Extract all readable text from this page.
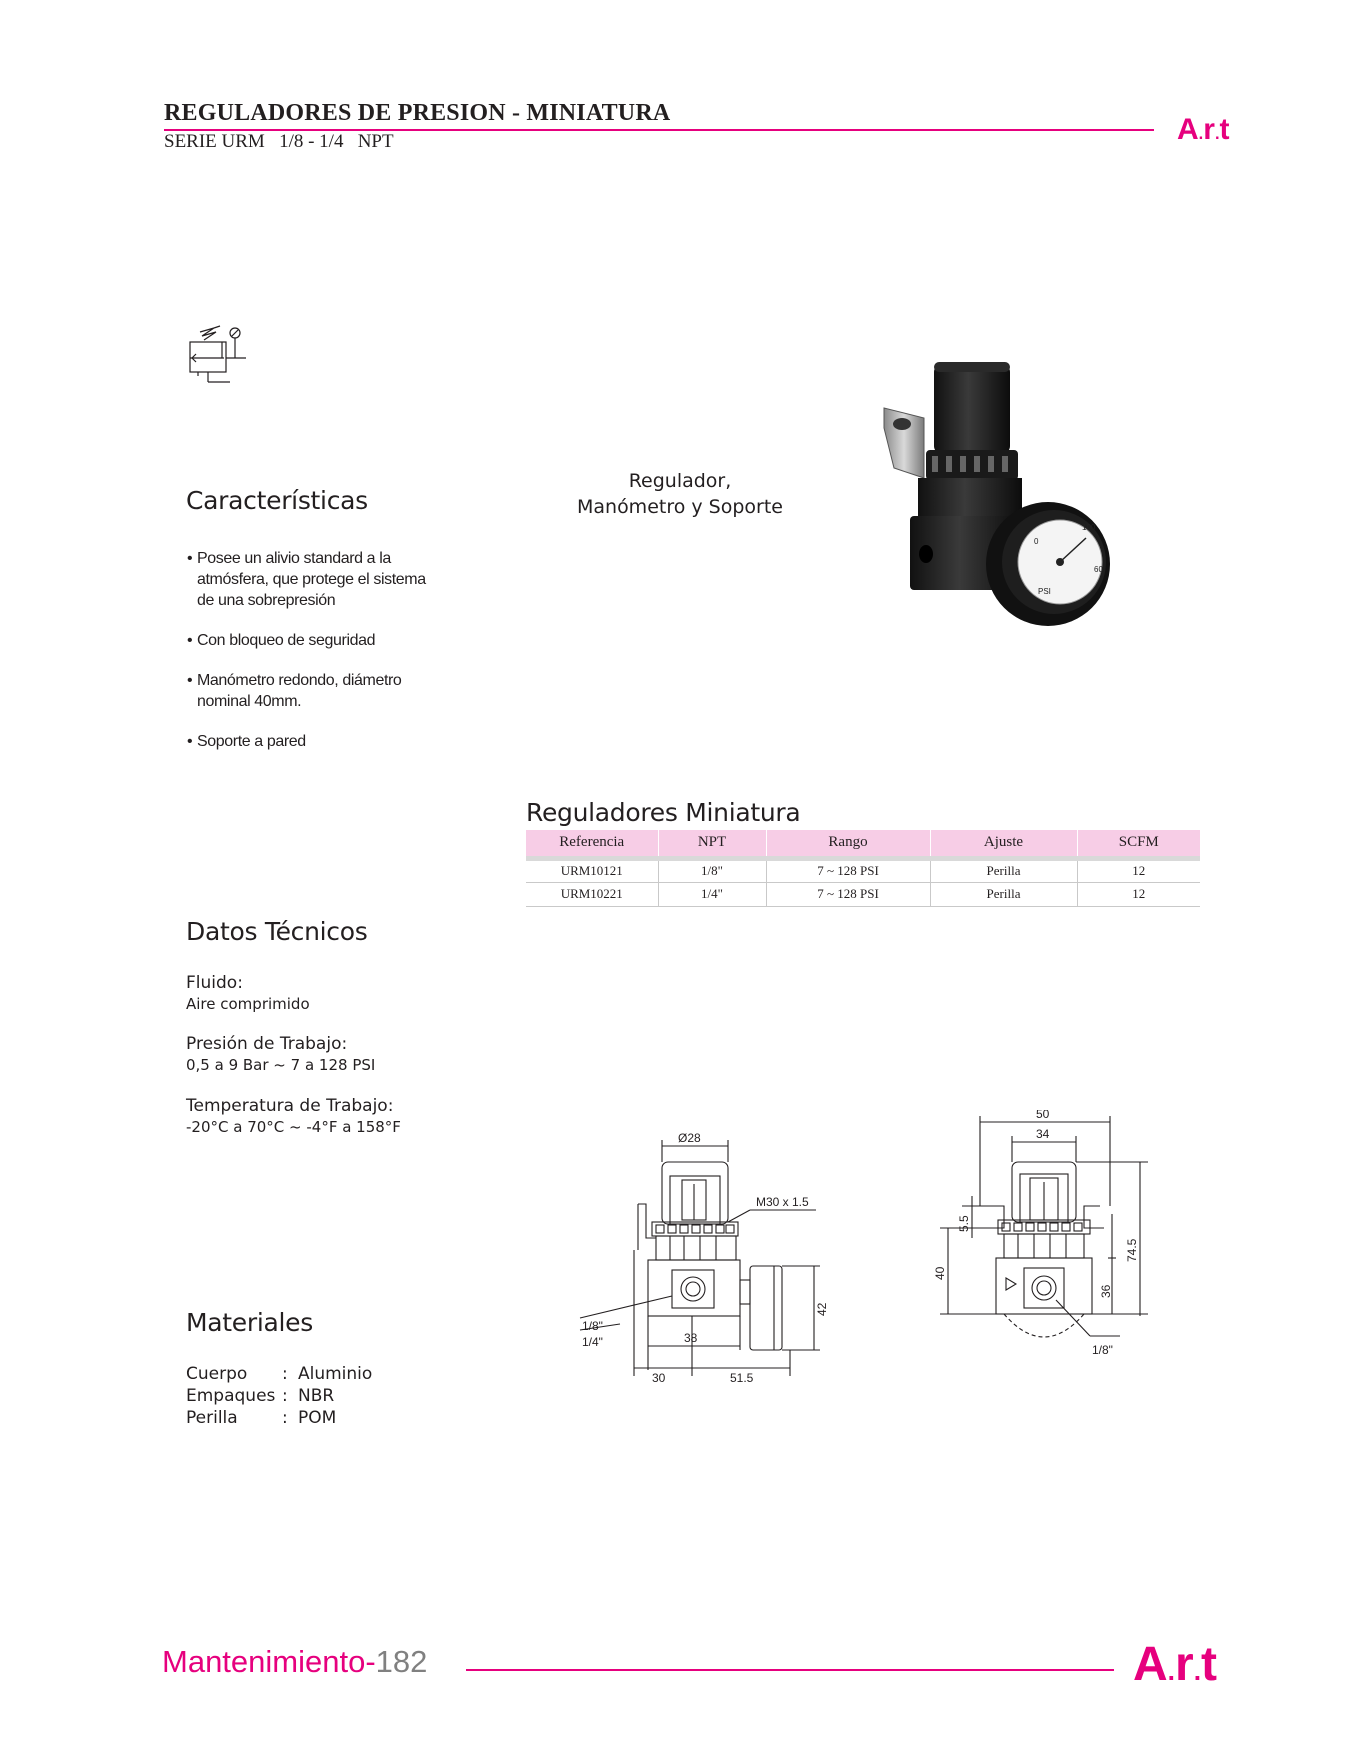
REGULADORES DE PRESION - MINIATURA
SERIE URM   1/8 - 1/4   NPT	A.r.t
Características
• Posee un alivio standard a la atmósfera, que protege el sistema de una sobrepresión
• Con bloqueo de seguridad
• Manómetro redondo, diámetro nominal 40mm.
• Soporte a pared
Regulador,
Manómetro y Soporte
0
100
60
PSI
Reguladores Miniatura
Referencia	NPT	Rango	Ajuste	SCFM
URM10121	1/8"	7 ~ 128 PSI	Perilla	12
URM10221	1/4"	7 ~ 128 PSI	Perilla	12
Datos Técnicos
Fluido:
Aire comprimido
Presión de Trabajo:
0,5 a 9 Bar ~ 7 a 128 PSI
Temperatura de Trabajo:
-20°C a 70°C ~ -4°F a 158°F
Materiales
Cuerpo : Aluminio
Empaques : NBR
Perilla	: POM
Ø28
M30 x 1.5
1/8"
1/4"	38
30	51.5
42
50
34
5.5
40
74.5
36
1/8"
Mantenimiento-182	A.r.t
